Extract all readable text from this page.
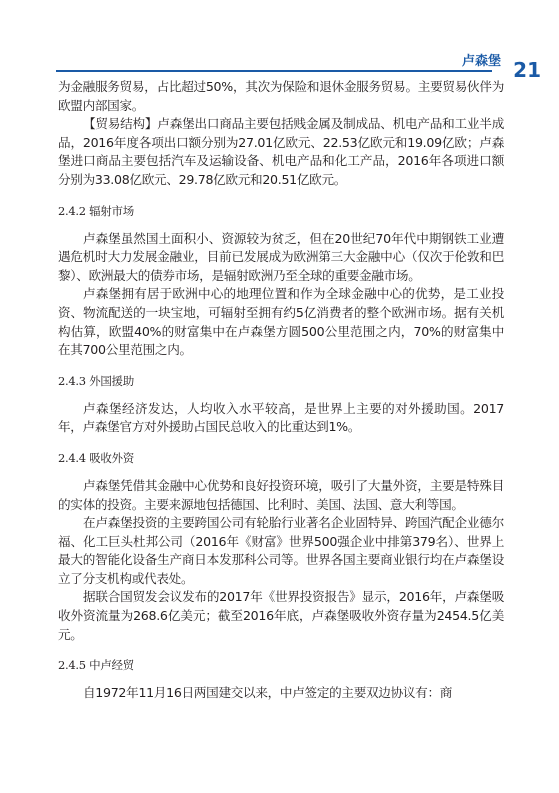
卢森堡 21

为金融服务贸易，占比超过50%，其次为保险和退休金服务贸易。主要贸易伙伴为欧盟内部国家。

【贸易结构】卢森堡出口商品主要包括贱金属及制成品、机电产品和工业半成品，2016年度各项出口额分别为27.01亿欧元、22.53亿欧元和19.09亿欧；卢森堡进口商品主要包括汽车及运输设备、机电产品和化工产品，2016年各项进口额分别为33.08亿欧元、29.78亿欧元和20.51亿欧元。

2.4.2 辐射市场

卢森堡虽然国土面积小、资源较为贫乏，但在20世纪70年代中期钢铁工业遭遇危机时大力发展金融业，目前已发展成为欧洲第三大金融中心（仅次于伦敦和巴黎）、欧洲最大的债券市场，是辐射欧洲乃至全球的重要金融市场。

卢森堡拥有居于欧洲中心的地理位置和作为全球金融中心的优势，是工业投资、物流配送的一块宝地，可辐射至拥有约5亿消费者的整个欧洲市场。据有关机构估算，欧盟40%的财富集中在卢森堡方圆500公里范围之内，70%的财富集中在其700公里范围之内。

2.4.3 外国援助

卢森堡经济发达，人均收入水平较高，是世界上主要的对外援助国。2017年，卢森堡官方对外援助占国民总收入的比重达到1%。

2.4.4 吸收外资

卢森堡凭借其金融中心优势和良好投资环境，吸引了大量外资，主要是特殊目的实体的投资。主要来源地包括德国、比利时、美国、法国、意大利等国。

在卢森堡投资的主要跨国公司有轮胎行业著名企业固特异、跨国汽配企业德尔福、化工巨头杜邦公司（2016年《财富》世界500强企业中排第379名）、世界上最大的智能化设备生产商日本发那科公司等。世界各国主要商业银行均在卢森堡设立了分支机构或代表处。

据联合国贸发会议发布的2017年《世界投资报告》显示，2016年，卢森堡吸收外资流量为268.6亿美元；截至2016年底，卢森堡吸收外资存量为2454.5亿美元。

2.4.5 中卢经贸

自1972年11月16日两国建交以来，中卢签定的主要双边协议有：商
